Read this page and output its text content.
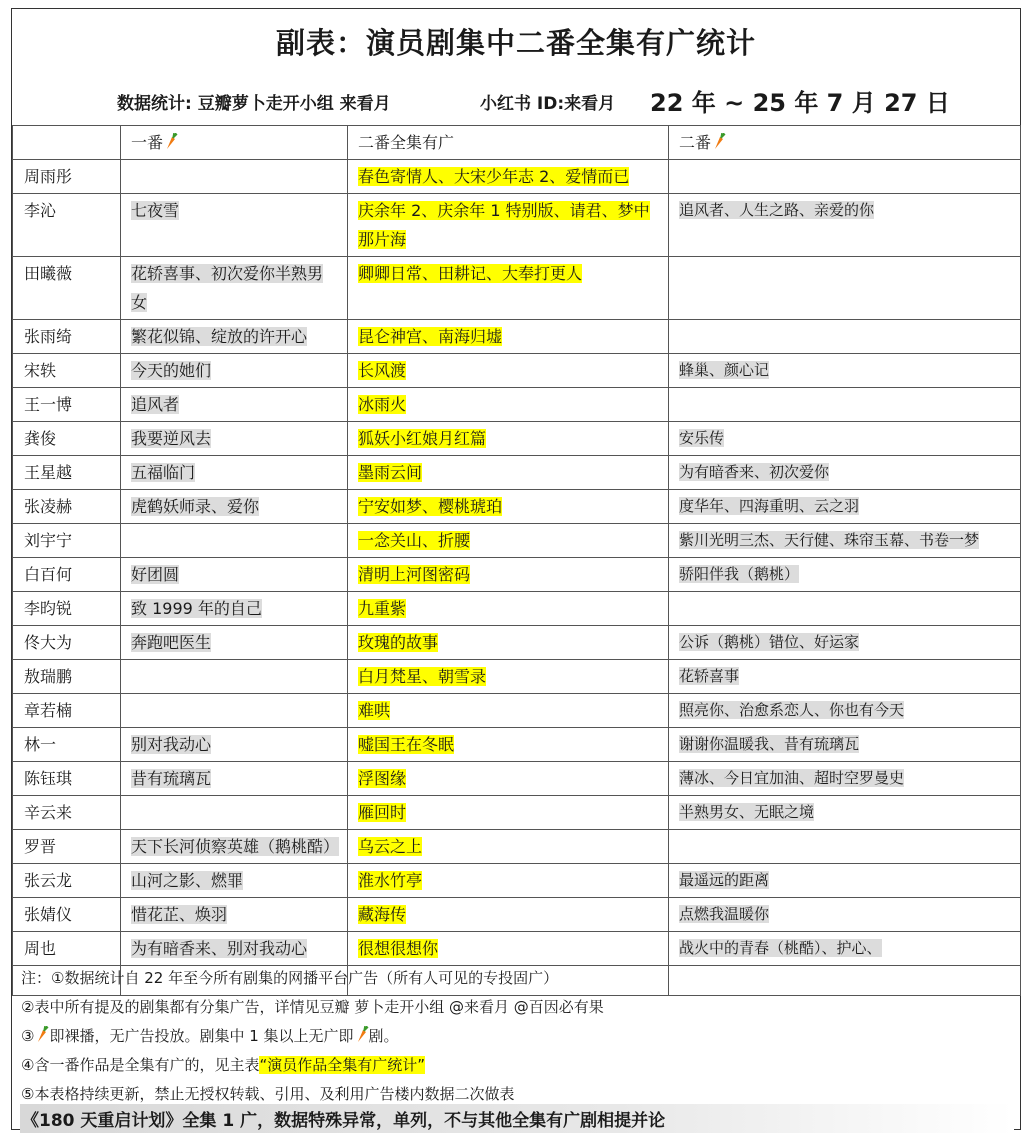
副表：演员剧集中二番全集有广统计
数据统计: 豆瓣萝卜走开小组 来看月	小红书 ID:来看月 22 年 ~ 25 年 7 月 27 日
	一番	二番全集有广	二番
周雨彤		春色寄情人、大宋少年志 2、爱情而已	
李沁	七夜雪	庆余年 2、庆余年 1 特别版、请君、梦中那片海	追风者、人生之路、亲爱的你
田曦薇	花轿喜事、初次爱你半熟男女	卿卿日常、田耕记、大奉打更人	
张雨绮	繁花似锦、绽放的许开心	昆仑神宫、南海归墟	
宋轶	今天的她们	长风渡	蜂巢、颜心记
王一博	追风者	冰雨火	
龚俊	我要逆风去	狐妖小红娘月红篇	安乐传
王星越	五福临门	墨雨云间	为有暗香来、初次爱你
张凌赫	虎鹤妖师录、爱你	宁安如梦、樱桃琥珀	度华年、四海重明、云之羽
刘宇宁		一念关山、折腰	紫川光明三杰、天行健、珠帘玉幕、书卷一梦
白百何	好团圆	清明上河图密码	骄阳伴我（鹅桃）
李昀锐	致 1999 年的自己	九重紫	
佟大为	奔跑吧医生	玫瑰的故事	公诉（鹅桃）错位、好运家
敖瑞鹏		白月梵星、朝雪录	花轿喜事
章若楠		难哄	照亮你、治愈系恋人、你也有今天
林一	别对我动心	嘘国王在冬眠	谢谢你温暖我、昔有琉璃瓦
陈钰琪	昔有琉璃瓦	浮图缘	薄冰、今日宜加油、超时空罗曼史
辛云来		雁回时	半熟男女、无眠之境
罗晋	天下长河侦察英雄（鹅桃酷）	乌云之上	
张云龙	山河之影、燃罪	淮水竹亭	最遥远的距离
张婧仪	惜花芷、焕羽	藏海传	点燃我温暖你
周也	为有暗香来、别对我动心	很想很想你	战火中的青春（桃酷）、护心、

注：①数据统计自 22 年至今所有剧集的网播平台广告（所有人可见的专投固广）
②表中所有提及的剧集都有分集广告，详情见豆瓣 萝卜走开小组 @来看月 @百因必有果
③ 即裸播，无广告投放。剧集中 1 集以上无广即 剧。
④含一番作品是全集有广的，见主表“演员作品全集有广统计”
⑤本表格持续更新，禁止无授权转载、引用、及利用广告楼内数据二次做表
《180 天重启计划》全集 1 广，数据特殊异常，单列，不与其他全集有广剧相提并论
